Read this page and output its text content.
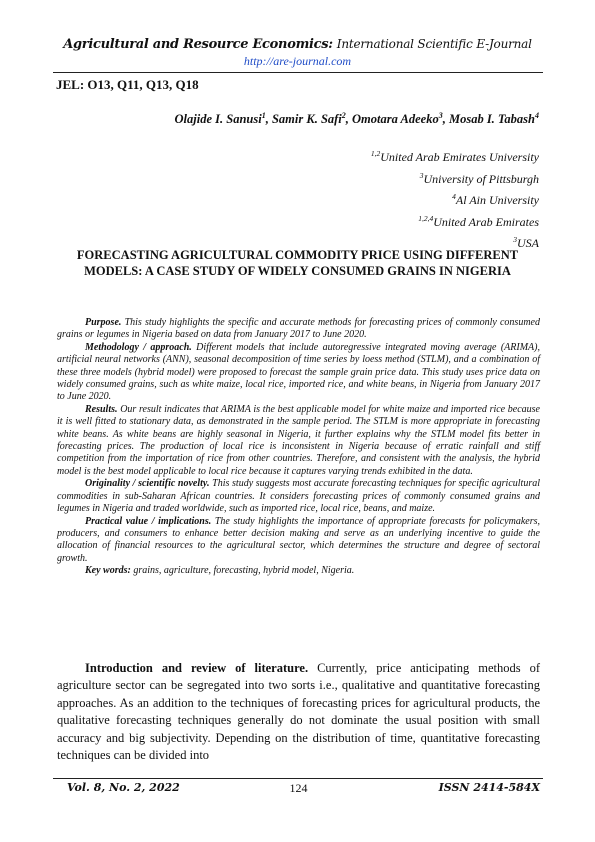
Agricultural and Resource Economics: International Scientific E-Journal
http://are-journal.com
JEL: O13, Q11, Q13, Q18
Olajide I. Sanusi$^1$, Samir K. Safi$^2$, Omotara Adeeko$^3$, Mosab I. Tabash$^4$
$^{1,2}$United Arab Emirates University
$^3$University of Pittsburgh
$^4$Al Ain University
$^{1,2,4}$United Arab Emirates
$^3$USA
FORECASTING AGRICULTURAL COMMODITY PRICE USING DIFFERENT MODELS: A CASE STUDY OF WIDELY CONSUMED GRAINS IN NIGERIA

Purpose. This study highlights the specific and accurate methods for forecasting prices of commonly consumed grains or legumes in Nigeria based on data from January 2017 to June 2020.

Methodology / approach. Different models that include autoregressive integrated moving average (ARIMA), artificial neural networks (ANN), seasonal decomposition of time series by loess method (STLM), and a combination of these three models (hybrid model) were proposed to forecast the sample grain price data. This study uses price data on widely consumed grains, such as white maize, local rice, imported rice, and white beans, in Nigeria from January 2017 to June 2020.

Results. Our result indicates that ARIMA is the best applicable model for white maize and imported rice because it is well fitted to stationary data, as demonstrated in the sample period. The STLM is more appropriate in forecasting white beans. As white beans are highly seasonal in Nigeria, it further explains why the STLM model fits better in forecasting prices. The production of local rice is inconsistent in Nigeria because of erratic rainfall and stiff competition from the importation of rice from other countries. Therefore, and consistent with the analysis, the hybrid model is the best model applicable to local rice because it captures varying trends exhibited in the data.

Originality / scientific novelty. This study suggests most accurate forecasting techniques for specific agricultural commodities in sub-Saharan African countries. It considers forecasting prices of commonly consumed grains and legumes in Nigeria and traded worldwide, such as imported rice, local rice, beans, and maize.

Practical value / implications. The study highlights the importance of appropriate forecasts for policymakers, producers, and consumers to enhance better decision making and serve as an underlying incentive to guide the allocation of financial resources to the agricultural sector, which determines the structure and degree of sectoral growth.

Key words: grains, agriculture, forecasting, hybrid model, Nigeria.

Introduction and review of literature. Currently, price anticipating methods of agriculture sector can be segregated into two sorts i.e., qualitative and quantitative forecasting approaches. As an addition to the techniques of forecasting prices for agricultural products, the qualitative forecasting techniques generally do not dominate the usual position with small accuracy and big subjectivity. Depending on the distribution of time, quantitative forecasting techniques can be divided into

Vol. 8, No. 2, 2022	124	ISSN 2414-584X
